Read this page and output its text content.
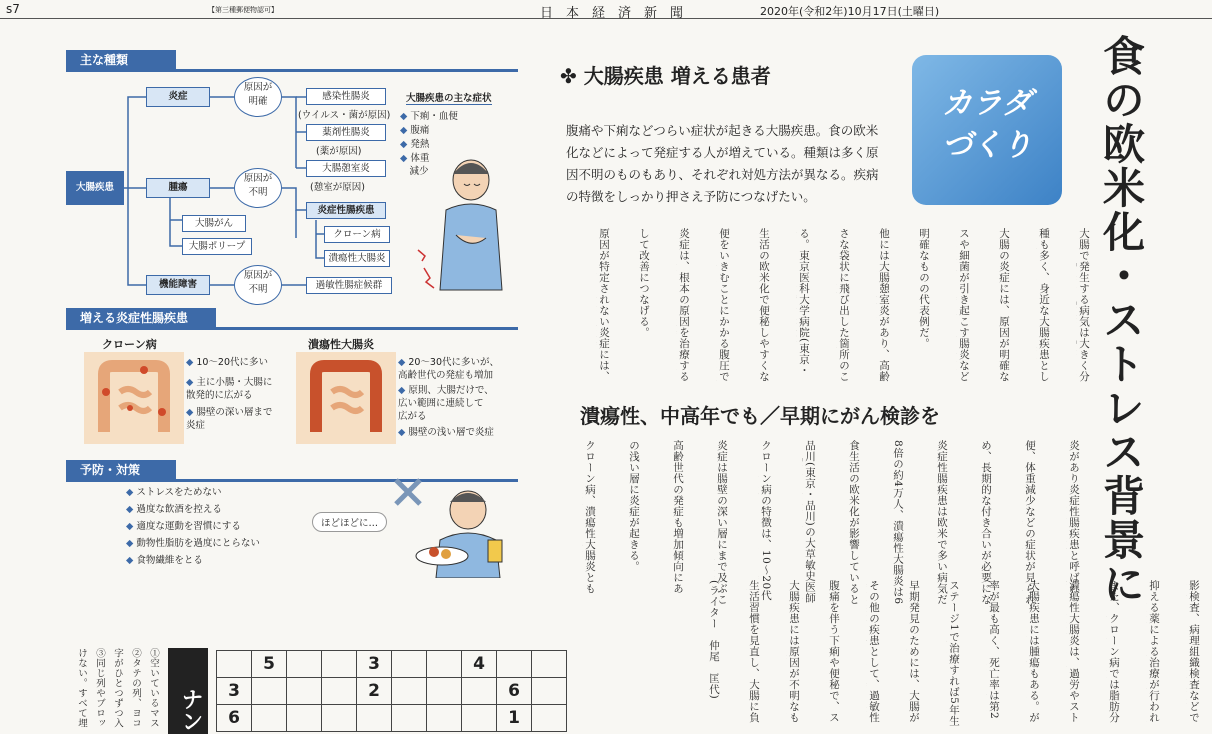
s7	【第三種郵便物認可】	日　本　経　済　新　聞	2020年(令和2年)10月17日(土曜日)
主な種類
大腸疾患
炎症
腫瘍
機能障害
原因が
明確
原因が
不明
原因が
不明
感染性腸炎
(ウイルス・菌が原因)
薬剤性腸炎
(薬が原因)
大腸憩室炎
(憩室が原因)
炎症性腸疾患
クローン病
潰瘍性大腸炎
大腸がん
大腸ポリープ
過敏性腸症候群
大腸疾患の主な症状
◆ 下痢・血便
◆ 腹痛
◆ 発熱
◆ 体重
　減少
増える炎症性腸疾患
クローン病	潰瘍性大腸炎
◆ 10〜20代に多い
◆ 主に小腸・大腸に
散発的に広がる
◆ 腸壁の深い層まで
炎症
◆ 20〜30代に多いが、
高齢世代の発症も増加
◆ 原則、大腸だけで、
広い範囲に連続して
広がる
◆ 腸壁の浅い層で炎症
予防・対策
◆ ストレスをためない
◆ 過度な飲酒を控える
◆ 適度な運動を習慣にする
◆ 動物性脂肪を過度にとらない
◆ 食物繊維をとる
ほどほどに…
✤ 大腸疾患 増える患者
腹痛や下痢などつらい症状が起きる大腸疾患。食の欧米化などによって発症する人が増えている。種類は多く原因不明のものもあり、それぞれ対処方法が異なる。疾病の特徴をしっかり押さえ予防につなげたい。
カラダ
づくり	食の欧米化・ストレス背景に
大腸で発生する病気は大きく分
種も多く、身近な大腸疾患とし
大腸の炎症には、原因が明確な
スや細菌が引き起こす腸炎など
明確なものの代表例だ。
他には大腸憩室炎があり、高齢
さな袋状に飛び出した箇所のこ
る。東京医科大学病院(東京・
生活の欧米化で便秘しやすくな
便をいきむことにかかる腹圧で
炎症は、根本の原因を治療する
して改善につなげる。
原因が特定されない炎症には、
潰瘍性、中高年でも／早期にがん検診を
炎があり炎症性腸疾患と呼ばれ
便、体重減少などの症状が見られ
め、長期的な付き合いが必要にな
炎症性腸疾患は欧米で多い病気だ
8倍の約4万人、潰瘍性大腸炎は6
食生活の欧米化が影響していると
品川(東京・品川)の大草敏史医師
クローン病の特徴は、10〜20代
炎症は腸壁の深い層にまで及ぶこ
高齢世代の発症も増加傾向にあ
の浅い層に炎症が起きる。
クローン病、潰瘍性大腸炎とも	影検査、病理組織検査などで
抑える薬による治療が行われ
また、クローン病では脂肪分
潰瘍性大腸炎は、過労やスト
大腸疾患には腫瘍もある。が
率が最も高く、死亡率は第2
ステージ1で治療すれば5年生
早期発見のためには、大腸が
その他の疾患として、過敏性
腹痛を伴う下痢や便秘で、ス
大腸疾患には原因が不明なも
生活習慣を見直し、大腸に負
(ライター　仲尾　匡代)
①空いているマス
②タテの列、ヨコ
字がひとつずつ入
③同じ列やブロッ
けない。すべて埋	ナン
	5			3			4		
3				2				6	
6								1	
